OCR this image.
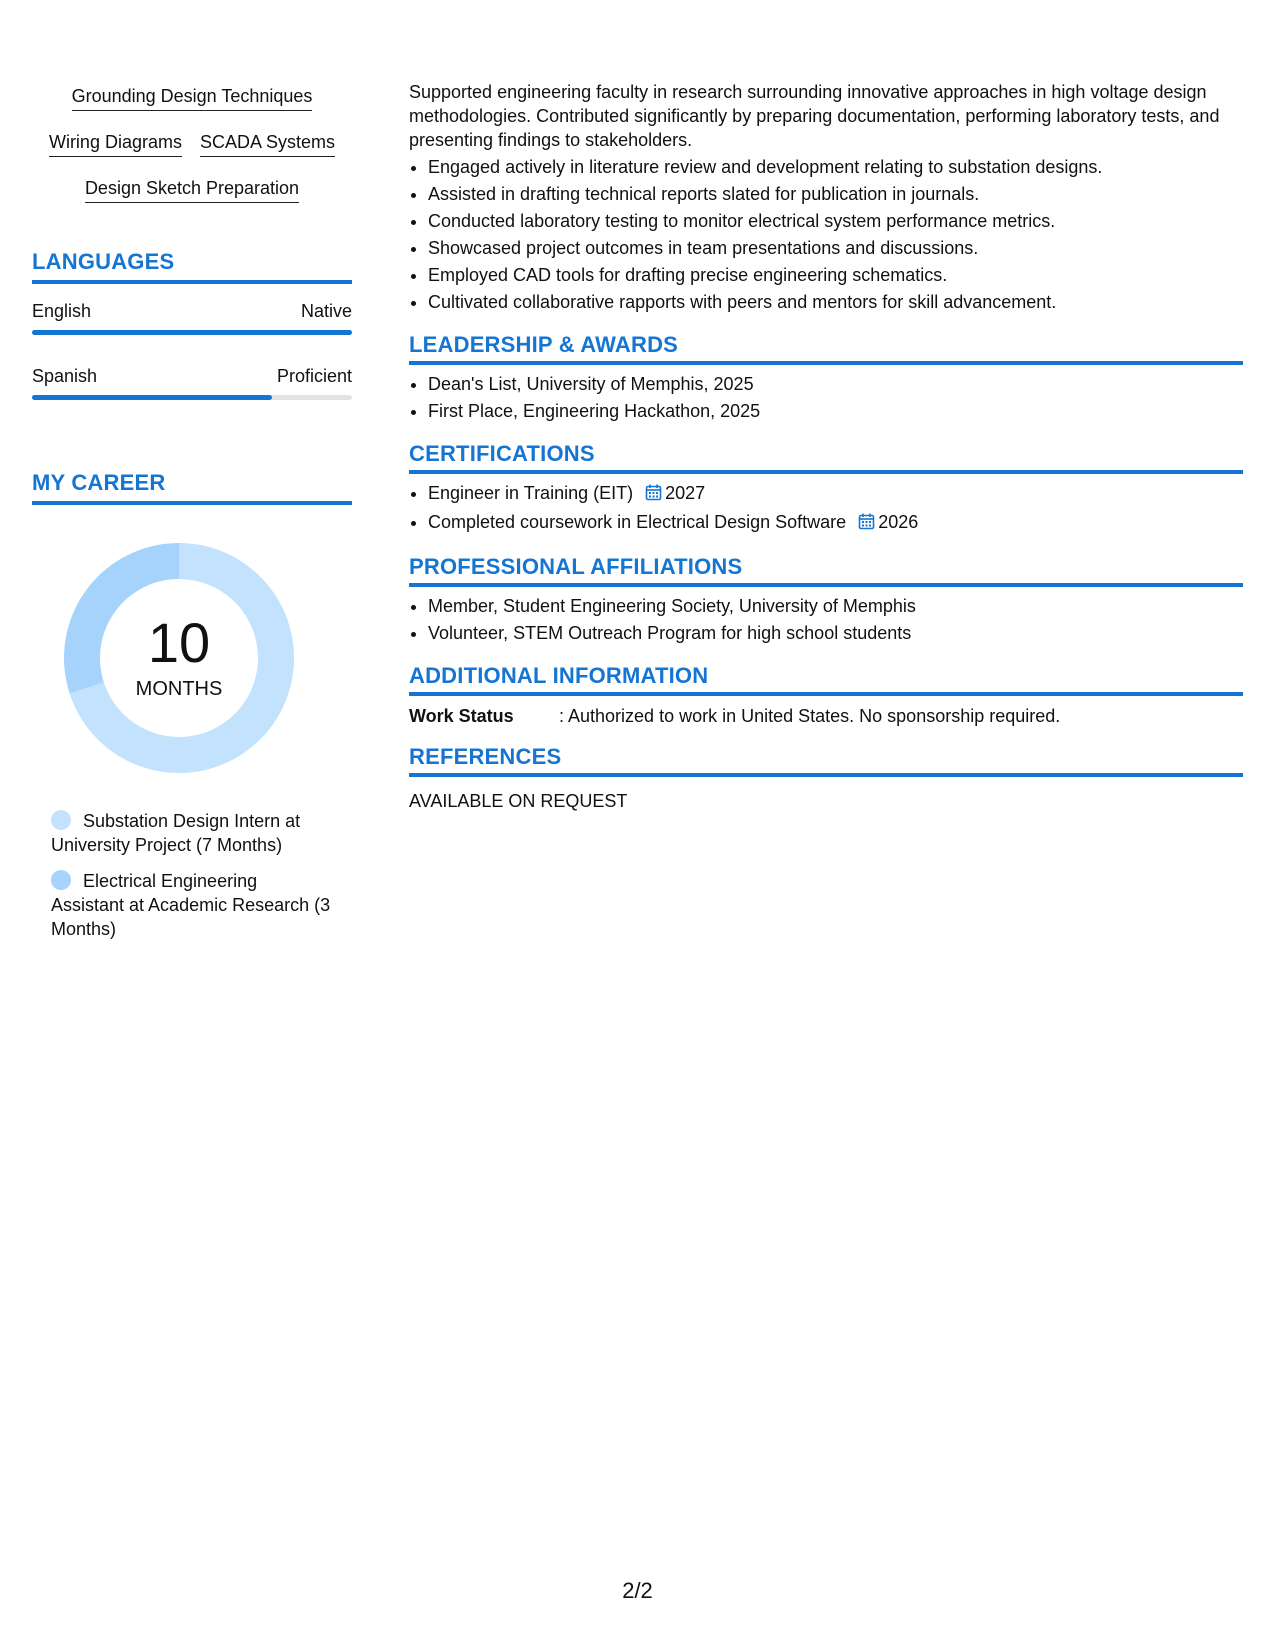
Grounding Design Techniques
Wiring Diagrams SCADA Systems
Design Sketch Preparation
LANGUAGES
English	Native
Spanish	Proficient
MY CAREER
10
MONTHS
Substation Design Intern at University Project (7 Months)
Electrical Engineering Assistant at Academic Research (3 Months)
Supported engineering faculty in research surrounding innovative approaches in high voltage design methodologies. Contributed significantly by preparing documentation, performing laboratory tests, and presenting findings to stakeholders.
• Engaged actively in literature review and development relating to substation designs.
• Assisted in drafting technical reports slated for publication in journals.
• Conducted laboratory testing to monitor electrical system performance metrics.
• Showcased project outcomes in team presentations and discussions.
• Employed CAD tools for drafting precise engineering schematics.
• Cultivated collaborative rapports with peers and mentors for skill advancement.
LEADERSHIP & AWARDS
• Dean's List, University of Memphis, 2025
• First Place, Engineering Hackathon, 2025
CERTIFICATIONS
• Engineer in Training (EIT) 2027
• Completed coursework in Electrical Design Software 2026
PROFESSIONAL AFFILIATIONS
• Member, Student Engineering Society, University of Memphis
• Volunteer, STEM Outreach Program for high school students
ADDITIONAL INFORMATION
Work Status	: Authorized to work in United States. No sponsorship required.
REFERENCES
AVAILABLE ON REQUEST
2/2
